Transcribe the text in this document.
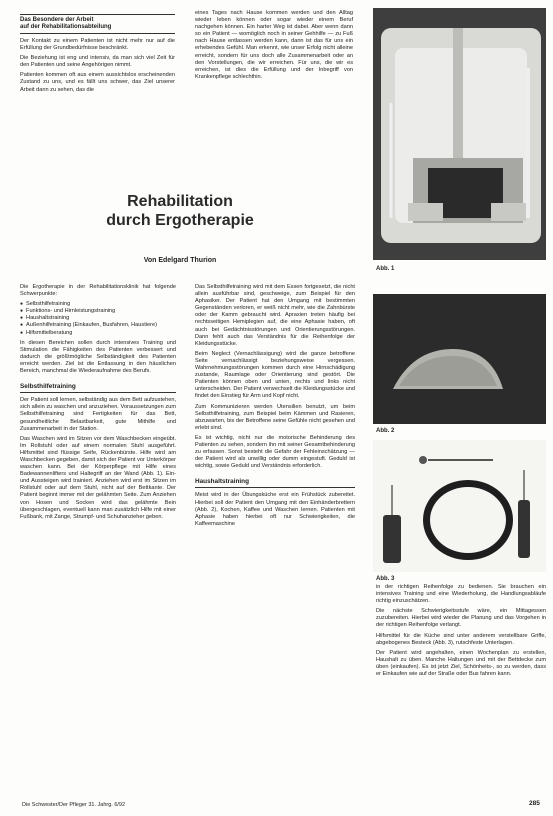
Das Besondere der Arbeit
auf der Rehabilitationsabteilung

Der Kontakt zu einem Patienten ist nicht mehr nur auf die Erfüllung der Grundbedürfnisse beschränkt.

Die Beziehung ist eng und intensiv, da man sich viel Zeit für den Patienten und seine Angehörigen nimmt.

Patienten kommen oft aus einem aussichtslos erscheinenden Zustand zu uns, und es fällt uns schwer, das Ziel unserer Arbeit dann zu sehen, das die

eines Tages nach Hause kommen werden und den Alltag wieder leben können oder sogar wieder einem Beruf nachgehen können. Ein harter Weg ist dabei. Aber wenn dann so ein Patient — womöglich noch in seiner Gehhilfe — zu Fuß nach Hause entlassen werden kann, dann ist das für uns ein erhebendes Gefühl. Man erkennt, wie unser Erfolg nicht alleine erreicht, sondern für uns doch alle Zusammenarbeit oder an den Vorstellungen, die wir erreichen. Für uns, die wir es erreichen, ist dies die Erfüllung und der Inbegriff von Krankenpflege schlechthin.

Rehabilitation
durch Ergotherapie
Von Edelgard Thurion

Die Ergotherapie in der Rehabilitationsklinik hat folgende Schwerpunkte:

● Selbsthilfetraining
● Funktions- und Hirnleistungstraining
● Haushaltstraining
● Außenhilfetraining (Einkaufen, Busfahren, Haustiere)
● Hilfsmittelberatung

In diesen Bereichen sollen durch intensives Training und Stimulation die Fähigkeiten des Patienten verbessert und dadurch die größtmögliche Selbständigkeit des Patienten erreicht werden. Ziel ist die Entlassung in den häuslichen Bereich, manchmal die Wiederaufnahme des Berufs.

Selbsthilfetraining

Der Patient soll lernen, selbständig aus dem Bett aufzustehen, sich allein zu waschen und anzuziehen. Voraussetzungen zum Selbsthilfetraining sind Fertigkeiten für das Bett, gesundheitliche Belastbarkeit, gute Mithilfe und Zusammenarbeit in der Station.

Das Waschen wird im Sitzen vor dem Waschbecken eingeübt. Im Rollstuhl oder auf einem normalen Stuhl ausgeführt. Hilfsmittel sind flüssige Seife, Rückenbürste. Hilfe wird am Waschbecken gegeben, damit sich der Patient vor Unterkörper waschen kann. Bei der Körperpflege mit Hilfe eines Badewannenlifters und Haltegriff an der Wand (Abb. 1). Ein- und Aussteigen wird trainiert. Anziehen wird erst im Sitzen im Rollstuhl oder auf dem Stuhl, nicht auf der Bettkante. Der Patient beginnt immer mit der gelähmten Seite. Zum Anziehen von Hosen und Socken wird das gelähmte Bein übergeschlagen, eventuell kann man zusätzlich Hilfe mit einer Fußbank, mit Zange, Strumpf- und Schuhanzieher geben.

Das Selbsthilfetraining wird mit dem Essen fortgesetzt, die nicht allein ausführbar sind, geschweige, zum Beispiel für den Aphasiker. Der Patient hat den Umgang mit bestimmten Gegenständen verloren, er weiß nicht mehr, wie die Zahnbürste oder der Kamm gebraucht wird. Apraxien treten häufig bei rechtsseitigen Hemiplegien auf, die eine Aphasie haben, oft auch bei Gedächtnisstörungen und Orientierungsstörungen. Dann fehlt auch das Verständnis für die Reihenfolge der Kleidungsstücke.

Beim Neglect (Vernachlässigung) wird die ganze betroffene Seite vernachlässigt beziehungsweise vergessen. Wahrnehmungsstörungen kommen durch eine Hirnschädigung zustande, Raumlage oder Orientierung sind gestört. Die Patienten können oben und unten, rechts und links nicht unterscheiden. Der Patient verwechselt die Kleidungsstücke und findet den Einstieg für Arm und Kopf nicht.

Zum Kommunizieren werden Utensilien benutzt, um beim Selbsthilfetraining, zum Beispiel beim Kämmen und Rasieren, abzuwarten, bis der Betroffene seine Gefühle nicht gesehen und erlebt sind.

Es ist wichtig, nicht nur die motorische Behinderung des Patienten zu sehen, sondern ihn mit seiner Gesamtbehinderung zu erfassen. Sonst besteht die Gefahr der Fehleinschätzung — der Patient wird als unwillig oder dumm eingestuft. Geduld ist wichtig, sowie Geduld und Verständnis erforderlich.

Haushaltstraining

Meist wird in der Übungsküche erst ein Frühstück zubereitet. Hierbei soll der Patient den Umgang mit den Einhänderbrettern (Abb. 2), Kochen, Kaffee und Waschen lernen. Patienten mit Aphasie haben hierbei oft nur Schwierigkeiten, die Kaffeemaschine

Abb. 1
Abb. 2
Abb. 3

in der richtigen Reihenfolge zu bedienen. Sie brauchen ein intensives Training und eine Wiederholung, die Handlungsabläufe richtig einzuschätzen.

Die nächste Schwierigkeitsstufe wäre, ein Mittagessen zuzubereiten. Hierbei wird wieder die Planung und das Vorgehen in der richtigen Reihenfolge verlangt.

Hilfsmittel für die Küche sind unter anderem verstellbare Griffe, abgebogenes Besteck (Abb. 3), rutschfeste Unterlagen.

Der Patient wird angehalten, einen Wochenplan zu erstellen, Haushalt zu üben. Manche Haltungen und mit der Bettdecke zum üben (einkaufen). Es ist jetzt Ziel, Schönheits-, so zu werden, dass er Einkaufen wie auf der Straße oder Bus fahren kann.

Die Schwester/Der Pfleger 31. Jahrg. 6/92	285
